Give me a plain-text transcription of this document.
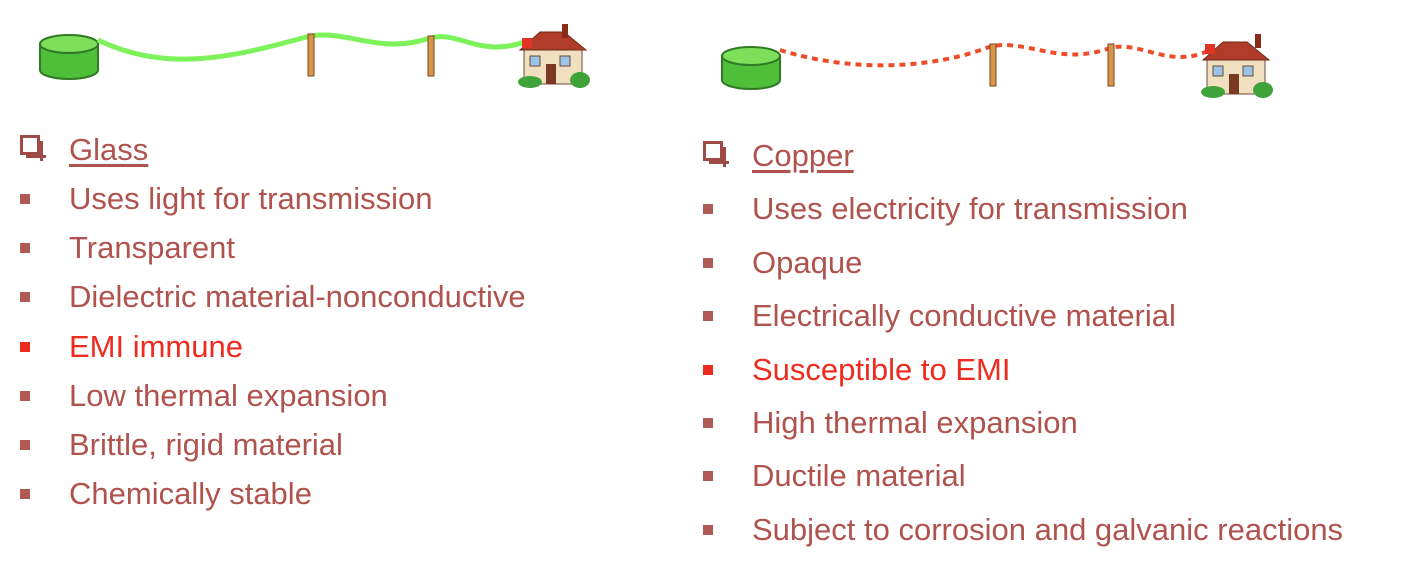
Glass
Uses light for transmission
Transparent
Dielectric material-nonconductive
EMI immune
Low thermal expansion
Brittle, rigid material
Chemically stable
Copper
Uses electricity for transmission
Opaque
Electrically conductive material
Susceptible to EMI
High thermal expansion
Ductile material
Subject to corrosion and galvanic reactions
